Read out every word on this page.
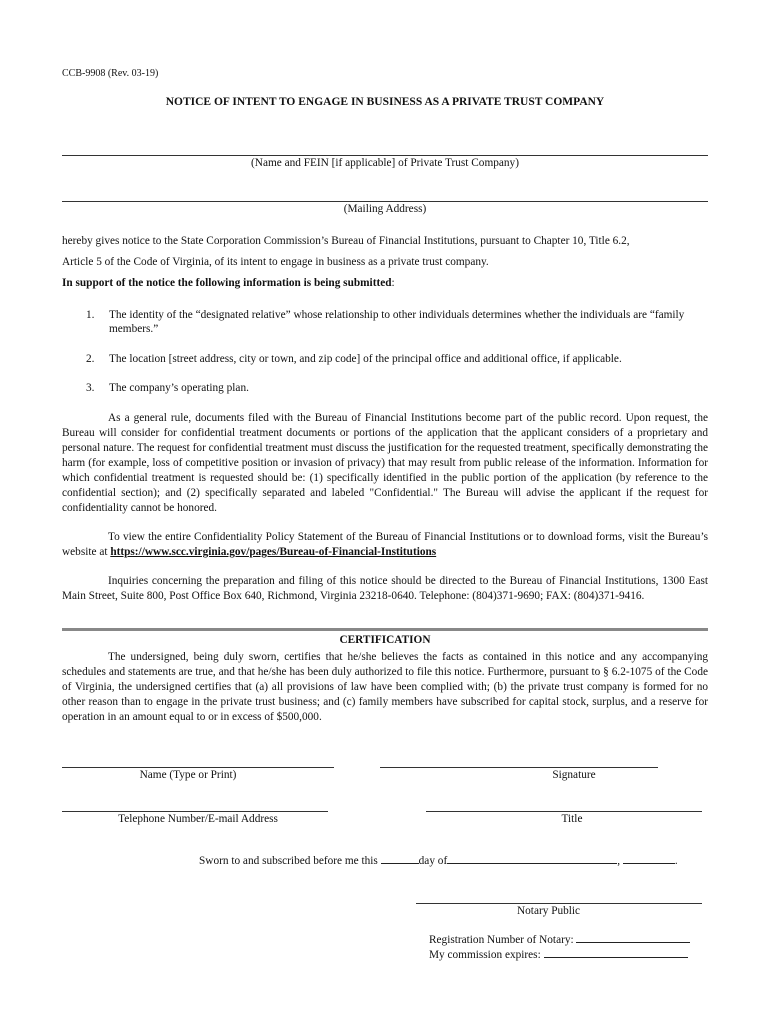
CCB-9908 (Rev. 03-19)
NOTICE OF INTENT TO ENGAGE IN BUSINESS AS A PRIVATE TRUST COMPANY
(Name and FEIN [if applicable] of Private Trust Company)
(Mailing Address)
hereby gives notice to the State Corporation Commission’s Bureau of Financial Institutions, pursuant to Chapter 10, Title 6.2,
Article 5 of the Code of Virginia, of its intent to engage in business as a private trust company.
In support of the notice the following information is being submitted:
1. The identity of the “designated relative” whose relationship to other individuals determines whether the individuals are “family members.”
2. The location [street address, city or town, and zip code] of the principal office and additional office, if applicable.
3. The company’s operating plan.
As a general rule, documents filed with the Bureau of Financial Institutions become part of the public record. Upon request, the Bureau will consider for confidential treatment documents or portions of the application that the applicant considers of a proprietary and personal nature. The request for confidential treatment must discuss the justification for the requested treatment, specifically demonstrating the harm (for example, loss of competitive position or invasion of privacy) that may result from public release of the information. Information for which confidential treatment is requested should be: (1) specifically identified in the public portion of the application (by reference to the confidential section); and (2) specifically separated and labeled "Confidential." The Bureau will advise the applicant if the request for confidentiality cannot be honored.
To view the entire Confidentiality Policy Statement of the Bureau of Financial Institutions or to download forms, visit the Bureau’s website at https://www.scc.virginia.gov/pages/Bureau-of-Financial-Institutions
Inquiries concerning the preparation and filing of this notice should be directed to the Bureau of Financial Institutions, 1300 East Main Street, Suite 800, Post Office Box 640, Richmond, Virginia 23218-0640. Telephone: (804)371-9690; FAX: (804)371-9416.
CERTIFICATION
The undersigned, being duly sworn, certifies that he/she believes the facts as contained in this notice and any accompanying schedules and statements are true, and that he/she has been duly authorized to file this notice. Furthermore, pursuant to § 6.2-1075 of the Code of Virginia, the undersigned certifies that (a) all provisions of law have been complied with; (b) the private trust company is formed for no other reason than to engage in the private trust business; and (c) family members have subscribed for capital stock, surplus, and a reserve for operation in an amount equal to or in excess of $500,000.
Name (Type or Print)	Signature
Telephone Number/E-mail Address	Title
Sworn to and subscribed before me this	day of	,	.
Notary Public
Registration Number of Notary:
My commission expires:
